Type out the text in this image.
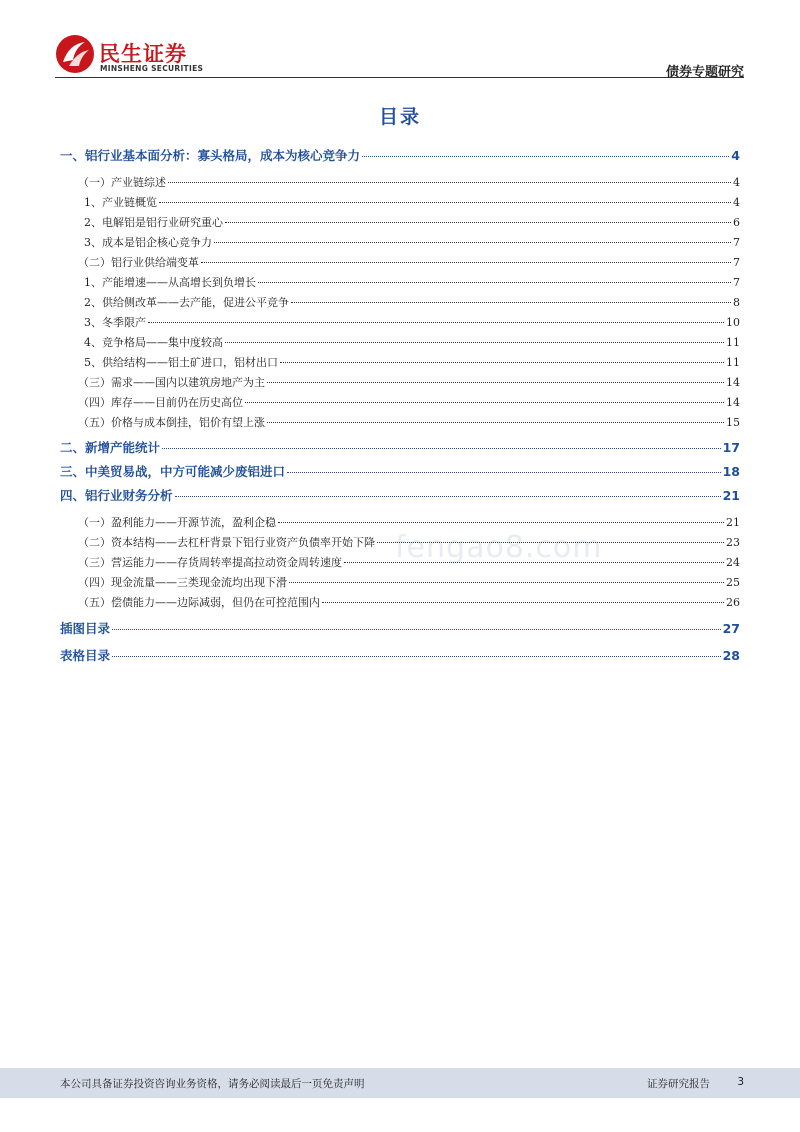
民生证券
MINSHENG SECURITIES	债券专题研究
目录
fengao8.com
一、铝行业基本面分析：寡头格局，成本为核心竞争力	4
（一）产业链综述	4
1、产业链概览	4
2、电解铝是铝行业研究重心	6
3、成本是铝企核心竞争力	7
（二）铝行业供给端变革	7
1、产能增速——从高增长到负增长	7
2、供给侧改革——去产能，促进公平竞争	8
3、冬季限产	10
4、竞争格局——集中度较高	11
5、供给结构——铝土矿进口，铝材出口	11
（三）需求——国内以建筑房地产为主	14
（四）库存——目前仍在历史高位	14
（五）价格与成本倒挂，铝价有望上涨	15
二、新增产能统计	17
三、中美贸易战，中方可能减少废铝进口	18
四、铝行业财务分析	21
（一）盈利能力——开源节流，盈利企稳	21
（二）资本结构——去杠杆背景下铝行业资产负债率开始下降	23
（三）营运能力——存货周转率提高拉动资金周转速度	24
（四）现金流量——三类现金流均出现下滑	25
（五）偿债能力——边际减弱，但仍在可控范围内	26
插图目录	27
表格目录	28
本公司具备证券投资咨询业务资格，请务必阅读最后一页免责声明	证券研究报告	3
